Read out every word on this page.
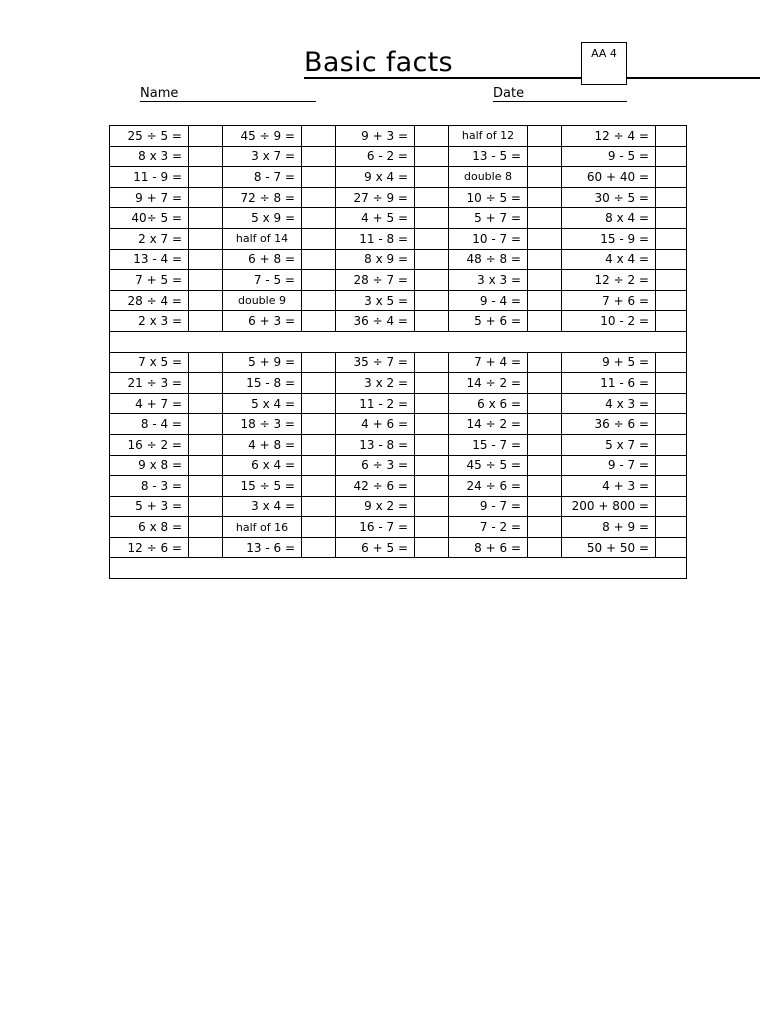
Basic facts	AA 4
Name	Date
25 ÷ 5 =		45 ÷ 9 =		9 + 3 =		half of 12		12 ÷ 4 =	
8 x 3 =		3 x 7 =		6 - 2 =		13 - 5 =		9 - 5 =	
11 - 9 =		8 - 7 =		9 x 4 =		double 8		60 + 40 =	
9 + 7 =		72 ÷ 8 =		27 ÷ 9 =		10 ÷ 5 =		30 ÷ 5 =	
40÷ 5 =		5 x 9 =		4 + 5 =		5 + 7 =		8 x 4 =	
2 x 7 =		half of 14		11 - 8 =		10 - 7 =		15 - 9 =	
13 - 4 =		6 + 8 =		8 x 9 =		48 ÷ 8 =		4 x 4 =	
7 + 5 =		7 - 5 =		28 ÷ 7 =		3 x 3 =		12 ÷ 2 =	
28 ÷ 4 =		double 9		3 x 5 =		9 - 4 =		7 + 6 =	
2 x 3 =		6 + 3 =		36 ÷ 4 =		5 + 6 =		10 - 2 =	

7 x 5 =		5 + 9 =		35 ÷ 7 =		7 + 4 =		9 + 5 =	
21 ÷ 3 =		15 - 8 =		3 x 2 =		14 ÷ 2 =		11 - 6 =	
4 + 7 =		5 x 4 =		11 - 2 =		6 x 6 =		4 x 3 =	
8 - 4 =		18 ÷ 3 =		4 + 6 =		14 ÷ 2 =		36 ÷ 6 =	
16 ÷ 2 =		4 + 8 =		13 - 8 =		15 - 7 =		5 x 7 =	
9 x 8 =		6 x 4 =		6 ÷ 3 =		45 ÷ 5 =		9 - 7 =	
8 - 3 =		15 ÷ 5 =		42 ÷ 6 =		24 ÷ 6 =		4 + 3 =	
5 + 3 =		3 x 4 =		9 x 2 =		9 - 7 =		200 + 800 =	
6 x 8 =		half of 16		16 - 7 =		7 - 2 =		8 + 9 =	
12 ÷ 6 =		13 - 6 =		6 + 5 =		8 + 6 =		50 + 50 =	
